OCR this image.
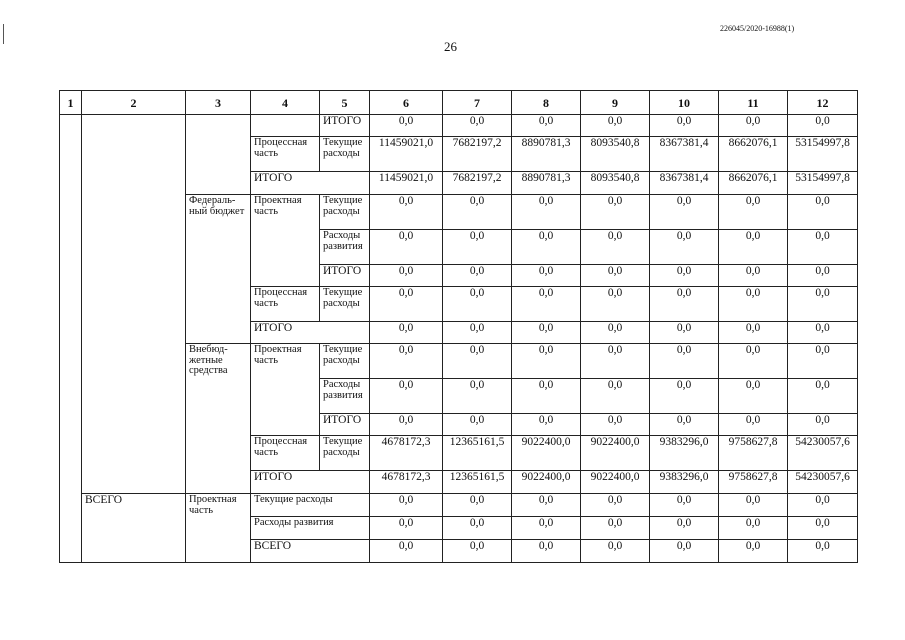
226045/2020-16988(1)
26
1	2	3	4	5	6	7	8	9	10	11	12
				ИТОГО	0,0	0,0	0,0	0,0	0,0	0,0	0,0
			Процессная часть	Текущие расходы	11459021,0	7682197,2	8890781,3	8093540,8	8367381,4	8662076,1	53154997,8
			ИТОГО		11459021,0	7682197,2	8890781,3	8093540,8	8367381,4	8662076,1	53154997,8
		Федераль-ный бюджет	Проектная часть	Текущие расходы	0,0	0,0	0,0	0,0	0,0	0,0	0,0
				Расходы развития	0,0	0,0	0,0	0,0	0,0	0,0	0,0
				ИТОГО	0,0	0,0	0,0	0,0	0,0	0,0	0,0
			Процессная часть	Текущие расходы	0,0	0,0	0,0	0,0	0,0	0,0	0,0
			ИТОГО		0,0	0,0	0,0	0,0	0,0	0,0	0,0
		Внебюд-жетные средства	Проектная часть	Текущие расходы	0,0	0,0	0,0	0,0	0,0	0,0	0,0
				Расходы развития	0,0	0,0	0,0	0,0	0,0	0,0	0,0
				ИТОГО	0,0	0,0	0,0	0,0	0,0	0,0	0,0
			Процессная часть	Текущие расходы	4678172,3	12365161,5	9022400,0	9022400,0	9383296,0	9758627,8	54230057,6
			ИТОГО		4678172,3	12365161,5	9022400,0	9022400,0	9383296,0	9758627,8	54230057,6
	ВСЕГО	Проектная часть	Текущие расходы		0,0	0,0	0,0	0,0	0,0	0,0	0,0
			Расходы развития		0,0	0,0	0,0	0,0	0,0	0,0	0,0
			ВСЕГО		0,0	0,0	0,0	0,0	0,0	0,0	0,0
